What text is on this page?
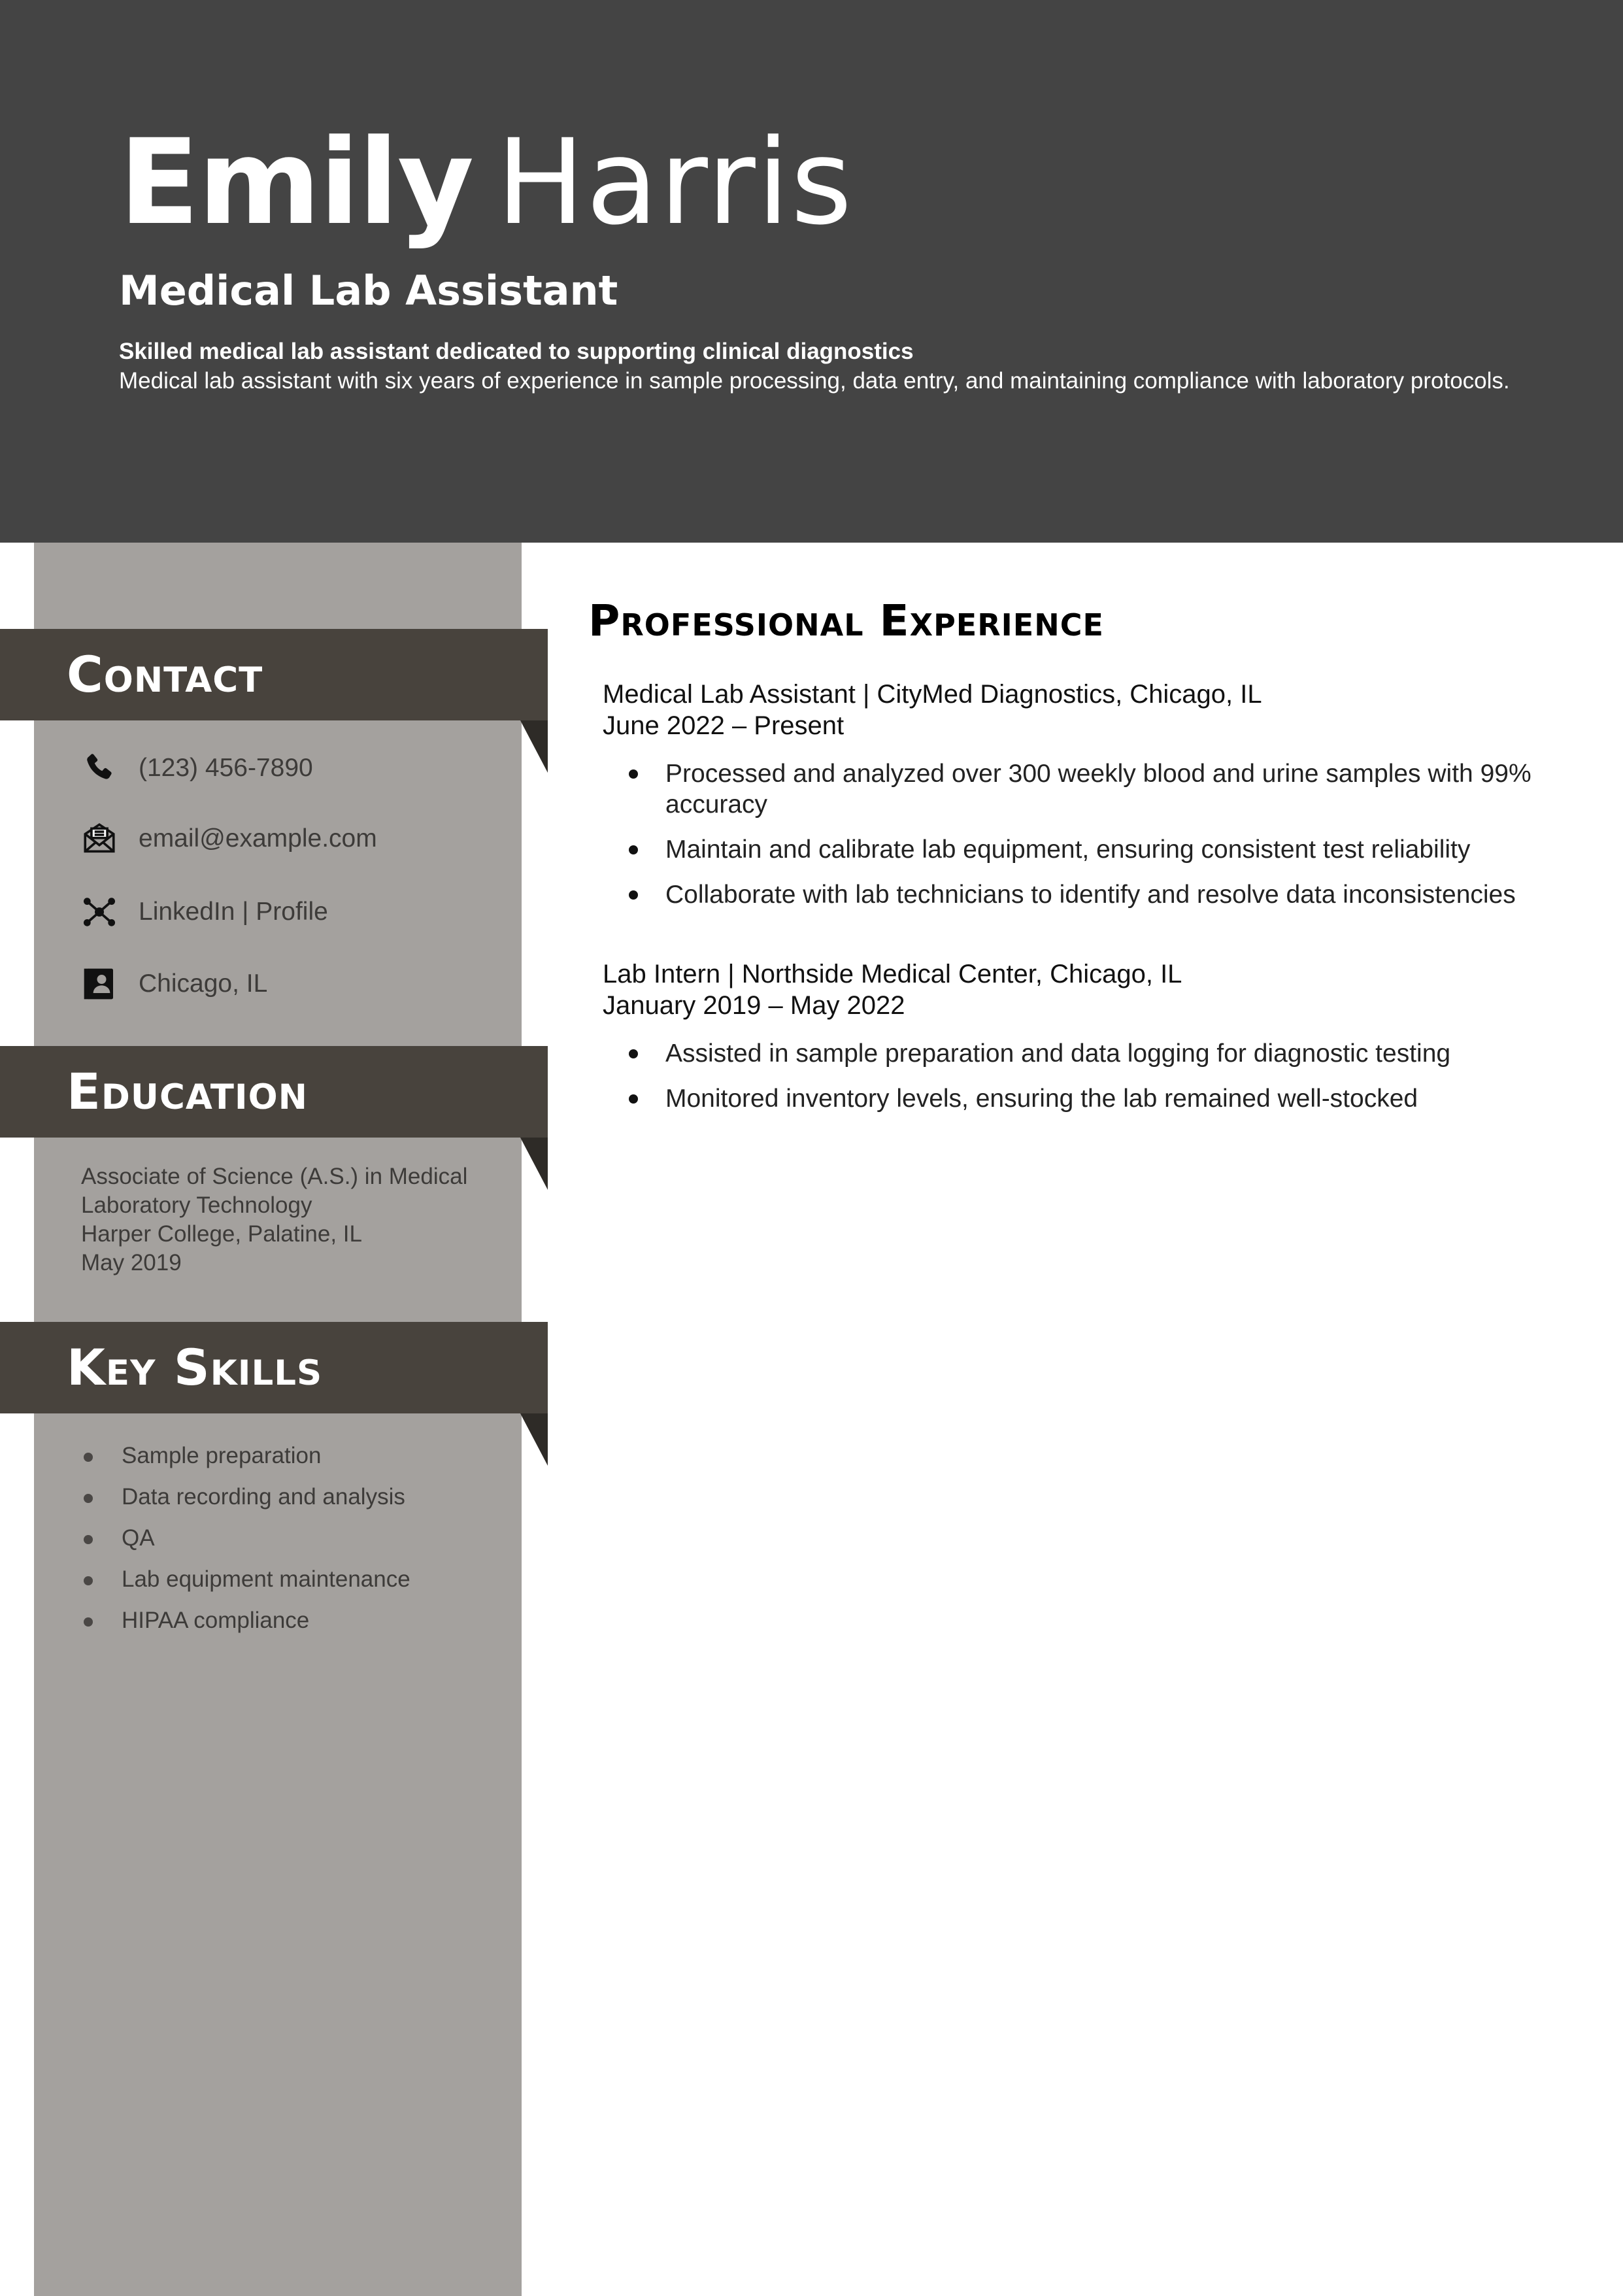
Emily Harris
Medical Lab Assistant
Skilled medical lab assistant dedicated to supporting clinical diagnostics
Medical lab assistant with six years of experience in sample processing, data entry, and maintaining compliance with laboratory protocols.
Contact
(123) 456-7890
email@example.com
LinkedIn | Profile
Chicago, IL
Education
Associate of Science (A.S.) in Medical
Laboratory Technology
Harper College, Palatine, IL
May 2019
Key Skills
Sample preparation
Data recording and analysis
QA
Lab equipment maintenance
HIPAA compliance
Professional Experience
Medical Lab Assistant | CityMed Diagnostics, Chicago, IL
June 2022 – Present
Processed and analyzed over 300 weekly blood and urine samples with 99% accuracy
Maintain and calibrate lab equipment, ensuring consistent test reliability
Collaborate with lab technicians to identify and resolve data inconsistencies
Lab Intern | Northside Medical Center, Chicago, IL
January 2019 – May 2022
Assisted in sample preparation and data logging for diagnostic testing
Monitored inventory levels, ensuring the lab remained well-stocked
